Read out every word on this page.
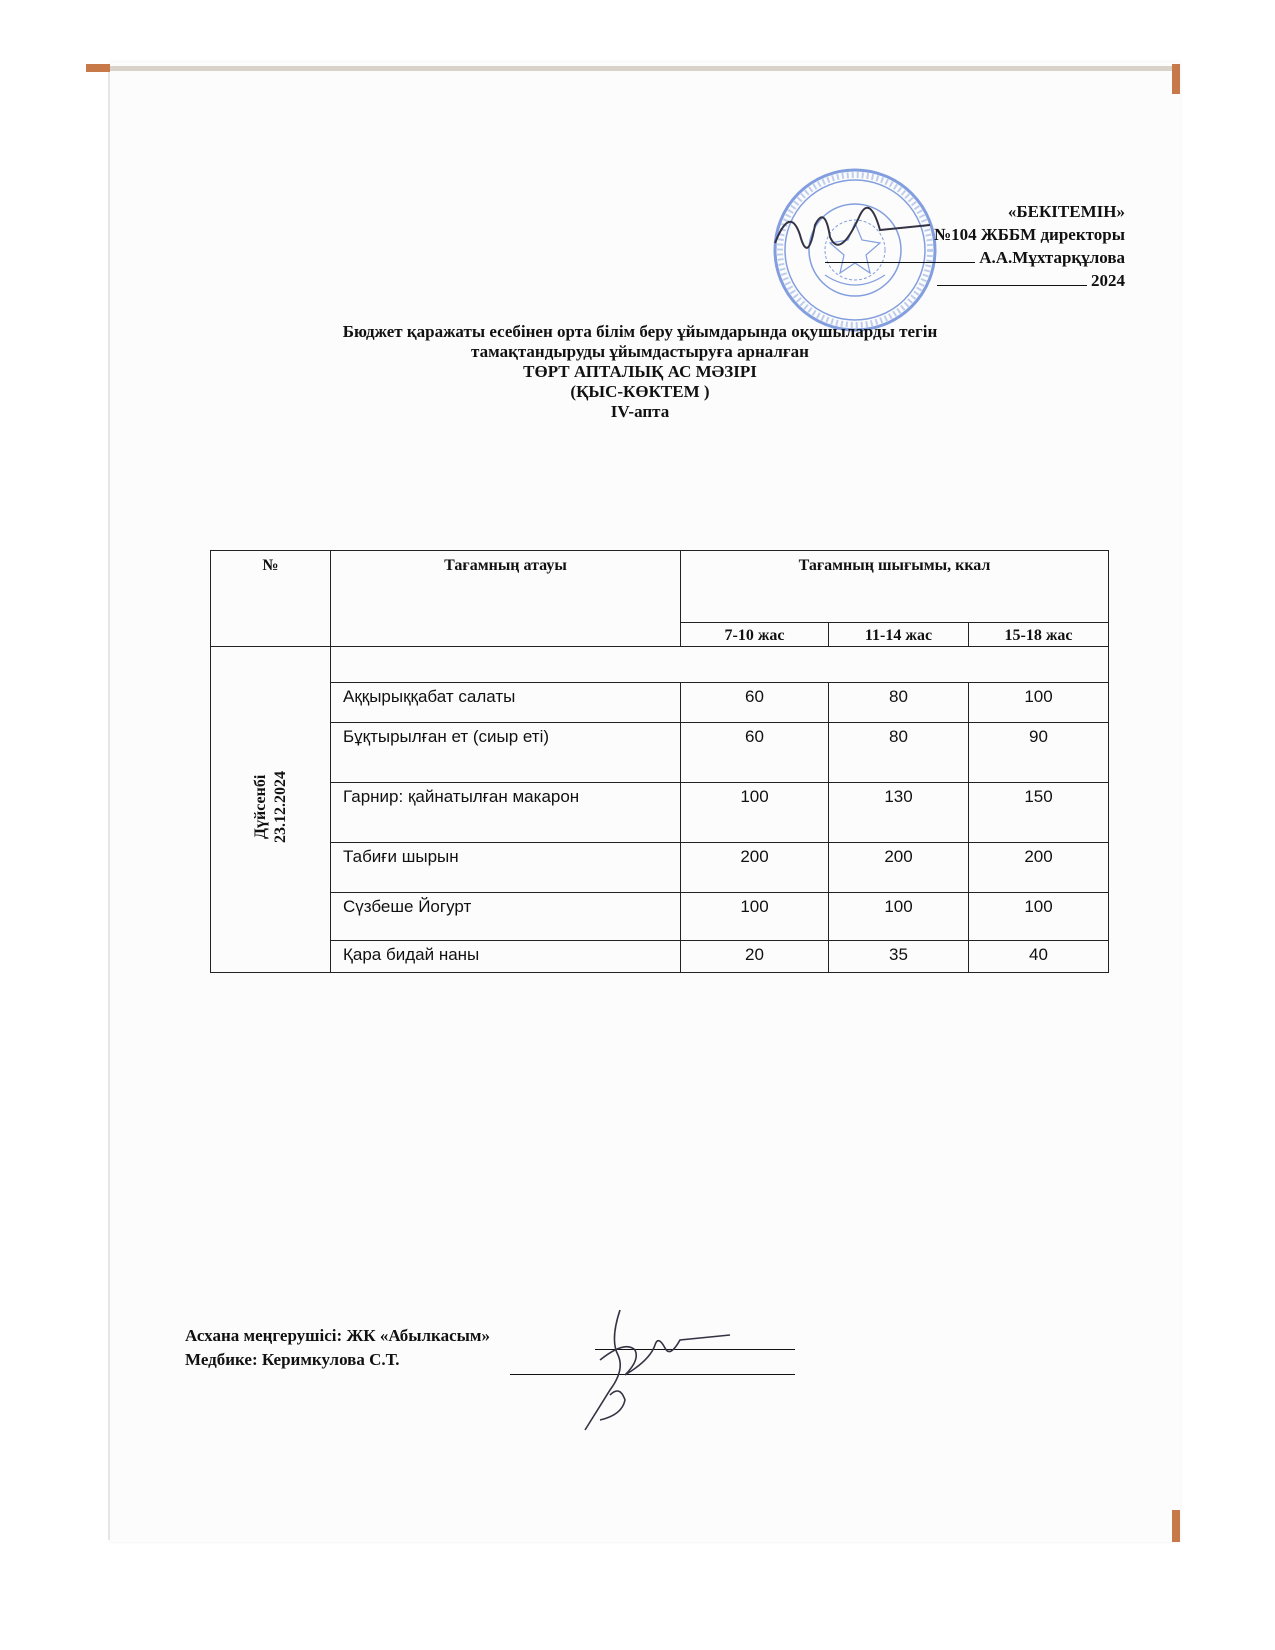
«БЕКІТЕМІН»
№104 ЖББМ директоры
А.А.Мұхтарқұлова
2024
Бюджет қаражаты есебінен орта білім беру ұйымдарында оқушыларды тегін
тамақтандыруды ұйымдастыруға арналған
ТӨРТ АПТАЛЫҚ АС МӘЗІРІ
(ҚЫС-КӨКТЕМ )
IV-апта
№	Тағамның атауы	Тағамның шығымы, ккал		
		7-10 жас	11-14 жас	15-18 жас
Дүйсенбі 23.12.2024				
	Аққырыққабат салаты	60	80	100
	Бұқтырылған ет (сиыр еті)	60	80	90
	Гарнир: қайнатылған макарон	100	130	150
	Табиғи шырын	200	200	200
	Сүзбеше Йогурт	100	100	100
	Қара бидай наны	20	35	40
Асхана меңгерушісі: ЖК «Абылкасым»
Медбике: Керимкулова С.Т.
